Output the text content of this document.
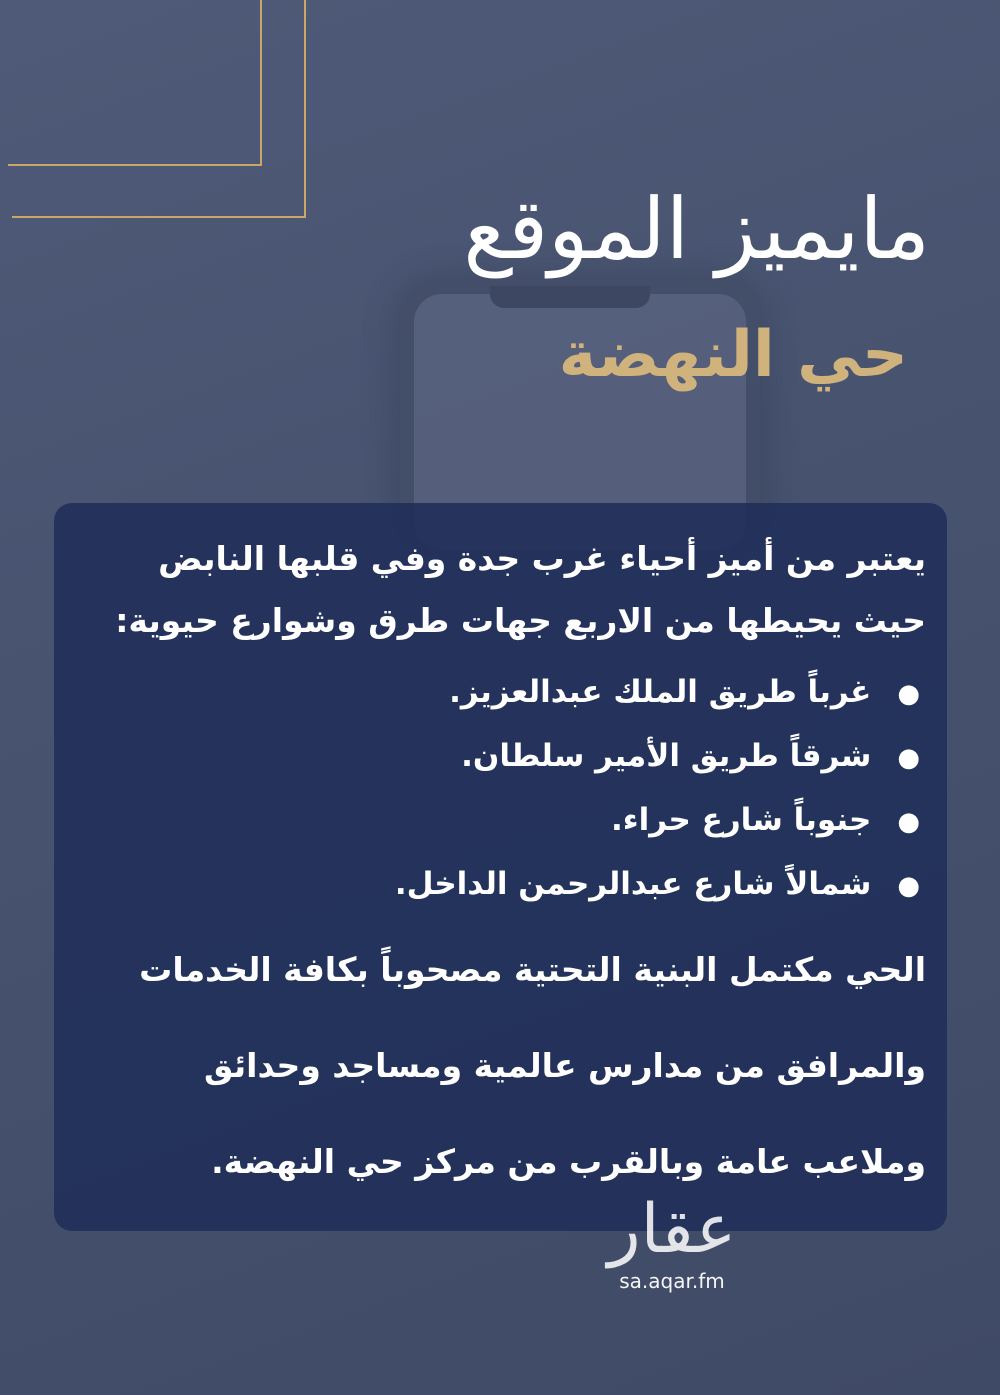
مايميز الموقع
حي النهضة

يعتبر من أميز أحياء غرب جدة وفي قلبها النابض حيث يحيطها من الاربع جهات طرق وشوارع حيوية:

●غرباً طريق الملك عبدالعزيز.
●شرقاً طريق الأمير سلطان.
●جنوباً شارع حراء.
●شمالاً شارع عبدالرحمن الداخل.

الحي مكتمل البنية التحتية مصحوباً بكافة الخدمات والمرافق من مدارس عالمية ومساجد وحدائق وملاعب عامة وبالقرب من مركز حي النهضة.

عقار
sa.aqar.fm
